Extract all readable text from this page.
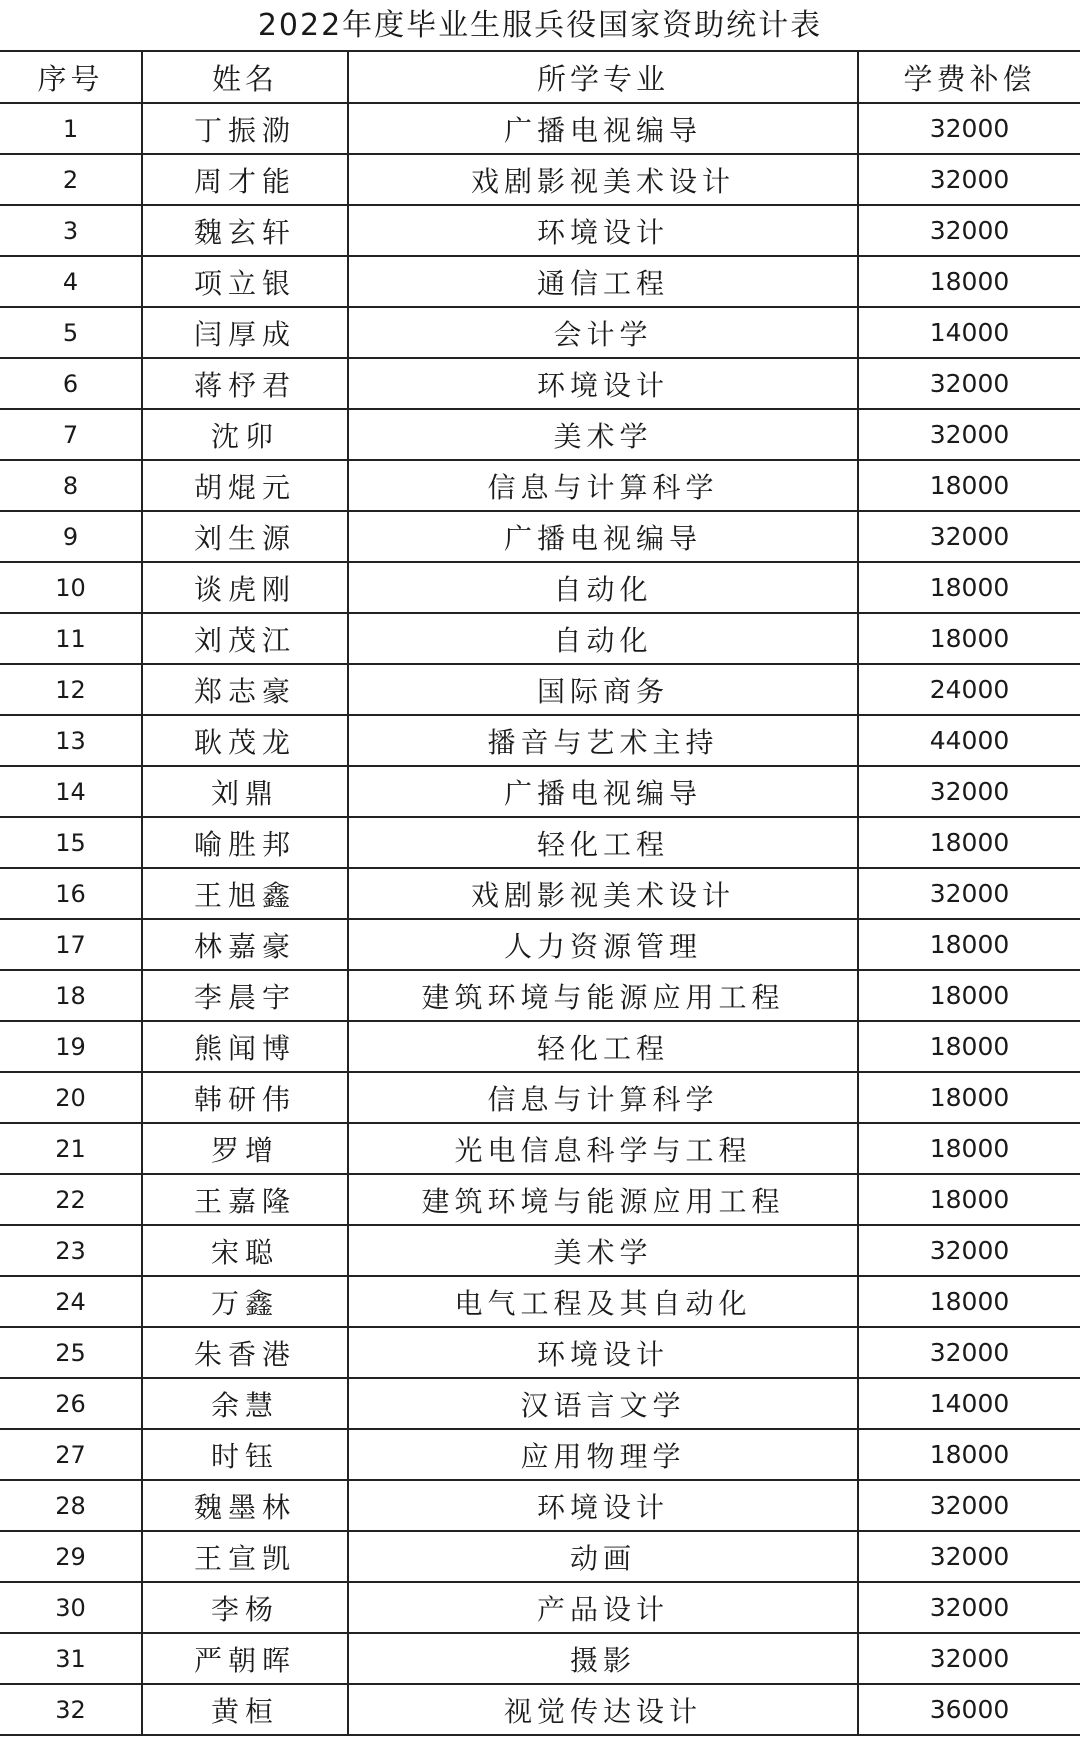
2022年度毕业生服兵役国家资助统计表
序号	姓名	所学专业	学费补偿
1	丁振泐	广播电视编导	32000
2	周才能	戏剧影视美术设计	32000
3	魏玄轩	环境设计	32000
4	项立银	通信工程	18000
5	闫厚成	会计学	14000
6	蒋杼君	环境设计	32000
7	沈卯	美术学	32000
8	胡焜元	信息与计算科学	18000
9	刘生源	广播电视编导	32000
10	谈虎刚	自动化	18000
11	刘茂江	自动化	18000
12	郑志豪	国际商务	24000
13	耿茂龙	播音与艺术主持	44000
14	刘鼎	广播电视编导	32000
15	喻胜邦	轻化工程	18000
16	王旭鑫	戏剧影视美术设计	32000
17	林嘉豪	人力资源管理	18000
18	李晨宇	建筑环境与能源应用工程	18000
19	熊闻博	轻化工程	18000
20	韩研伟	信息与计算科学	18000
21	罗增	光电信息科学与工程	18000
22	王嘉隆	建筑环境与能源应用工程	18000
23	宋聪	美术学	32000
24	万鑫	电气工程及其自动化	18000
25	朱香港	环境设计	32000
26	余慧	汉语言文学	14000
27	时钰	应用物理学	18000
28	魏墨林	环境设计	32000
29	王宣凯	动画	32000
30	李杨	产品设计	32000
31	严朝晖	摄影	32000
32	黄桓	视觉传达设计	36000
